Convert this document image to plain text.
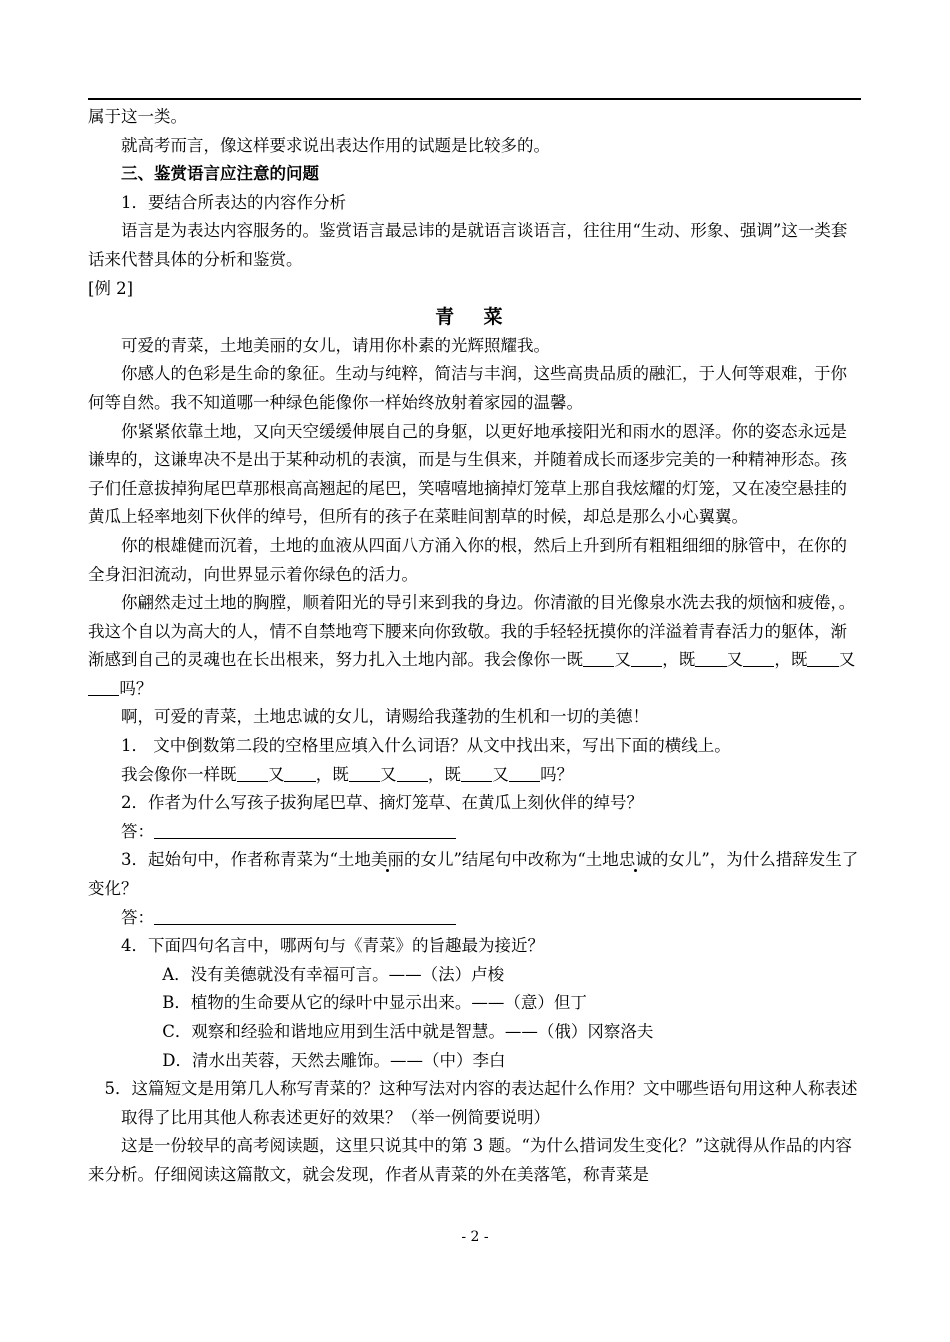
属于这一类。

就高考而言，像这样要求说出表达作用的试题是比较多的。

三、鉴赏语言应注意的问题

1．要结合所表达的内容作分析

语言是为表达内容服务的。鉴赏语言最忌讳的是就语言谈语言，往往用“生动、形象、强调”这一类套话来代替具体的分析和鉴赏。

[例 2]

青 菜

可爱的青菜，土地美丽的女儿，请用你朴素的光辉照耀我。

你感人的色彩是生命的象征。生动与纯粹，简洁与丰润，这些高贵品质的融汇，于人何等艰难，于你何等自然。我不知道哪一种绿色能像你一样始终放射着家园的温馨。

你紧紧依靠土地，又向天空缓缓伸展自己的身躯，以更好地承接阳光和雨水的恩泽。你的姿态永远是谦卑的，这谦卑决不是出于某种动机的表演，而是与生俱来，并随着成长而逐步完美的一种精神形态。孩子们任意拔掉狗尾巴草那根高高翘起的尾巴，笑嘻嘻地摘掉灯笼草上那自我炫耀的灯笼，又在凌空悬挂的黄瓜上轻率地刻下伙伴的绰号，但所有的孩子在菜畦间割草的时候，却总是那么小心翼翼。

你的根雄健而沉着，土地的血液从四面八方涌入你的根，然后上升到所有粗粗细细的脉管中，在你的全身汩汩流动，向世界显示着你绿色的活力。

你翩然走过土地的胸膛，顺着阳光的导引来到我的身边。你清澈的目光像泉水洗去我的烦恼和疲倦，。我这个自以为高大的人，情不自禁地弯下腰来向你致敬。我的手轻轻抚摸你的洋溢着青春活力的躯体，渐渐感到自己的灵魂也在长出根来，努力扎入土地内部。我会像你一既 又 ，既 又 ，既 又吗？

啊，可爱的青菜，土地忠诚的女儿，请赐给我蓬勃的生机和一切的美德！

1． 文中倒数第二段的空格里应填入什么词语？从文中找出来，写出下面的横线上。

我会像你一样既 又 ，既 又 ，既 又 吗？

2．作者为什么写孩子拔狗尾巴草、摘灯笼草、在黄瓜上刻伙伴的绰号？

答：

3．起始句中，作者称青菜为“土地美丽的女儿”结尾句中改称为“土地忠诚的女儿”，为什么措辞发生了变化？

答：

4．下面四句名言中，哪两句与《青菜》的旨趣最为接近？

A．没有美德就没有幸福可言。——（法）卢梭

B．植物的生命要从它的绿叶中显示出来。——（意）但丁

C．观察和经验和谐地应用到生活中就是智慧。——（俄）冈察洛夫

D．清水出芙蓉，天然去雕饰。——（中）李白

5．这篇短文是用第几人称写青菜的？这种写法对内容的表达起什么作用？文中哪些语句用这种人称表述取得了比用其他人称表述更好的效果？（举一例简要说明）

这是一份较早的高考阅读题，这里只说其中的第 3 题。“为什么措词发生变化？”这就得从作品的内容来分析。仔细阅读这篇散文，就会发现，作者从青菜的外在美落笔，称青菜是

- 2 -
